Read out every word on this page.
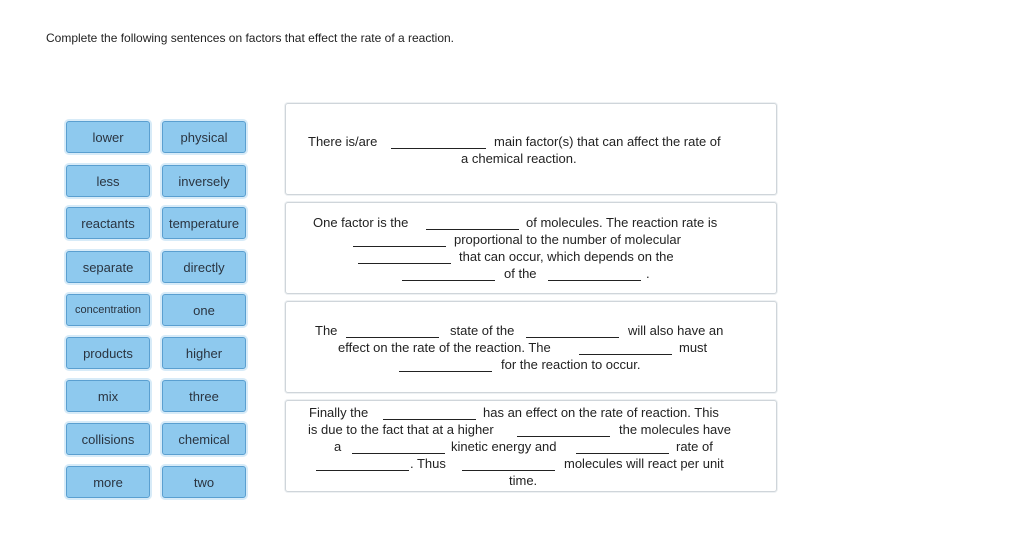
Complete the following sentences on factors that effect the rate of a reaction.
lower
less
reactants
separate
concentration
products
mix
collisions
more
physical
inversely
temperature
directly
one
higher
three
chemical
two
There is/are	main factor(s) that can affect the rate of
a chemical reaction.
One factor is the	of molecules. The reaction rate is
proportional to the number of molecular
that can occur, which depends on the
of the	.
The	state of the	will also have an
effect on the rate of the reaction. The	must
for the reaction to occur.
Finally the	has an effect on the rate of reaction. This
is due to the fact that at a higher	the molecules have
a	kinetic energy and	rate of
. Thus	molecules will react per unit
time.
